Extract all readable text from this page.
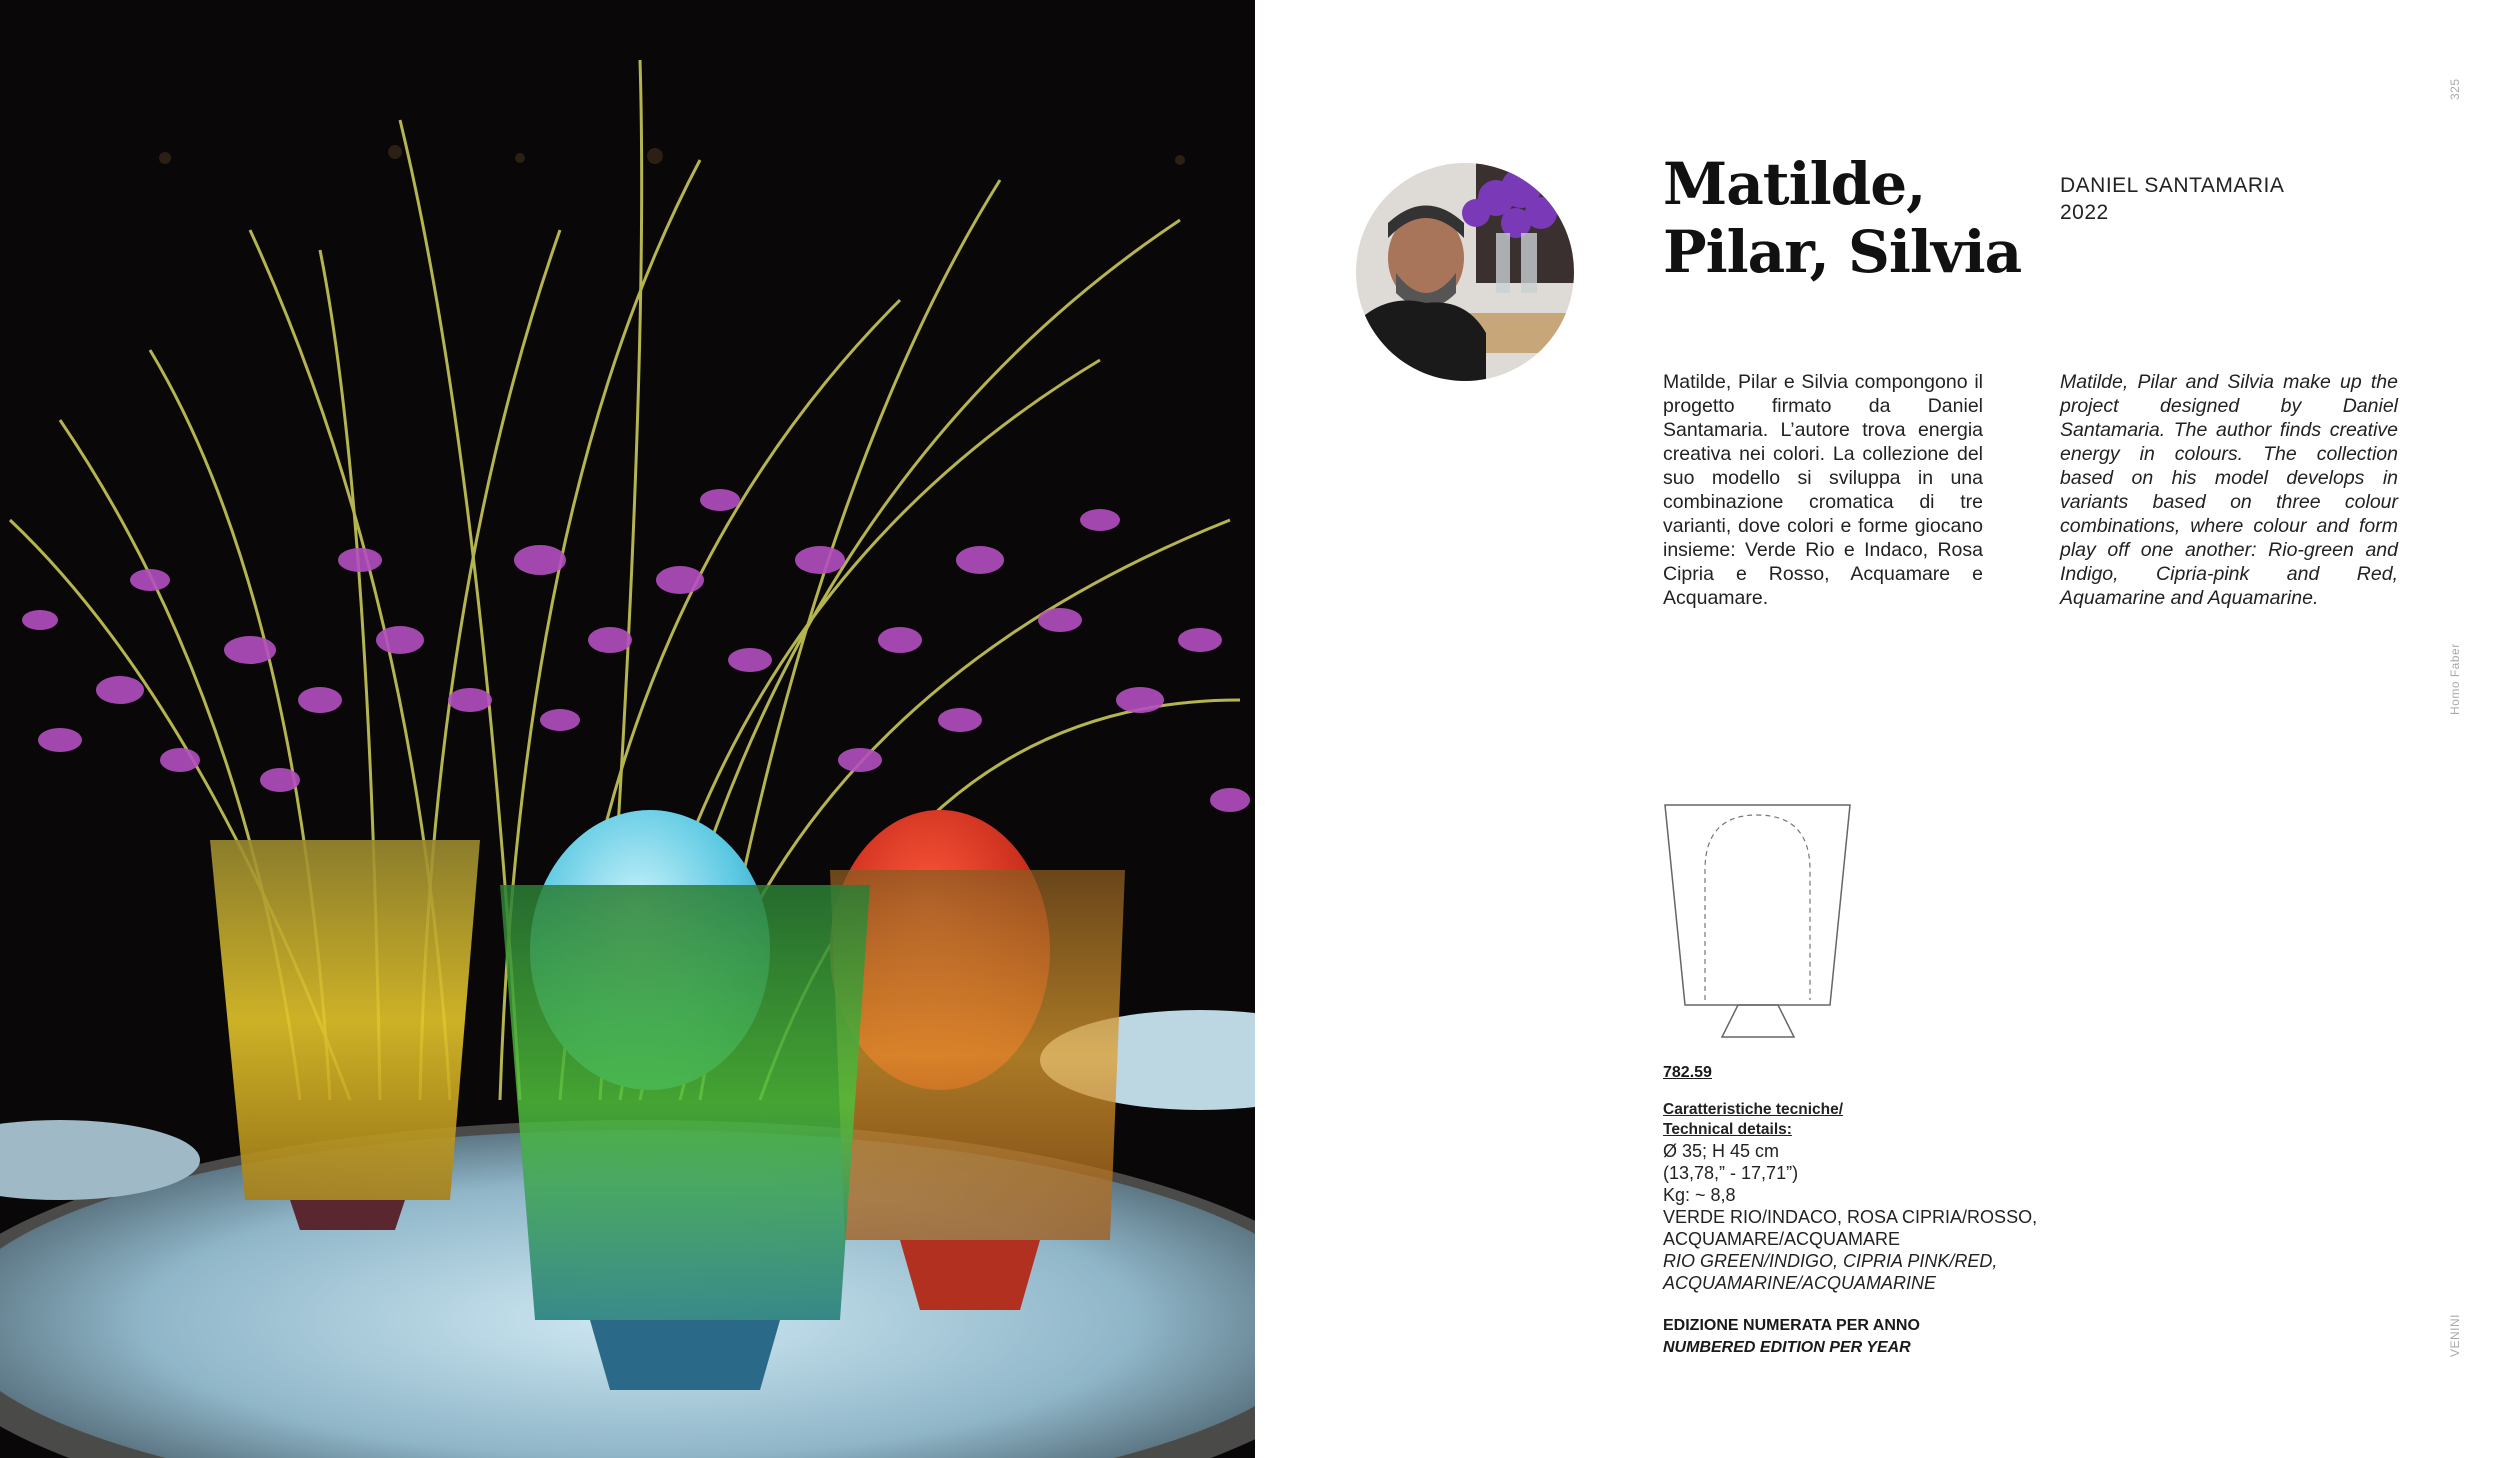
Matilde,
Pilar, Silvia
DANIEL SANTAMARIA
2022
Matilde, Pilar e Silvia compongono il progetto firmato da Daniel Santamaria. L’autore trova energia creativa nei colori. La collezione del suo modello si sviluppa in una combinazione cromatica di tre varianti, dove colori e forme giocano insieme: Verde Rio e Indaco, Rosa Cipria e Rosso, Acquamare e Acquamare.
Matilde, Pilar and Silvia make up the project designed by Daniel Santamaria. The author finds creative energy in colours. The collection based on his model develops in variants based on three colour combinations, where colour and form play off one another: Rio-green and Indigo, Cipria-pink and Red, Aquamarine and Aquamarine.
782.59
Caratteristiche tecniche/
Technical details:
Ø 35; H 45 cm
(13,78,” - 17,71”)
Kg: ~ 8,8
VERDE RIO/INDACO, ROSA CIPRIA/ROSSO,
ACQUAMARE/ACQUAMARE
RIO GREEN/INDIGO, CIPRIA PINK/RED,
ACQUAMARINE/ACQUAMARINE
EDIZIONE NUMERATA PER ANNO
NUMBERED EDITION PER YEAR
325
Homo Faber
VENINI
